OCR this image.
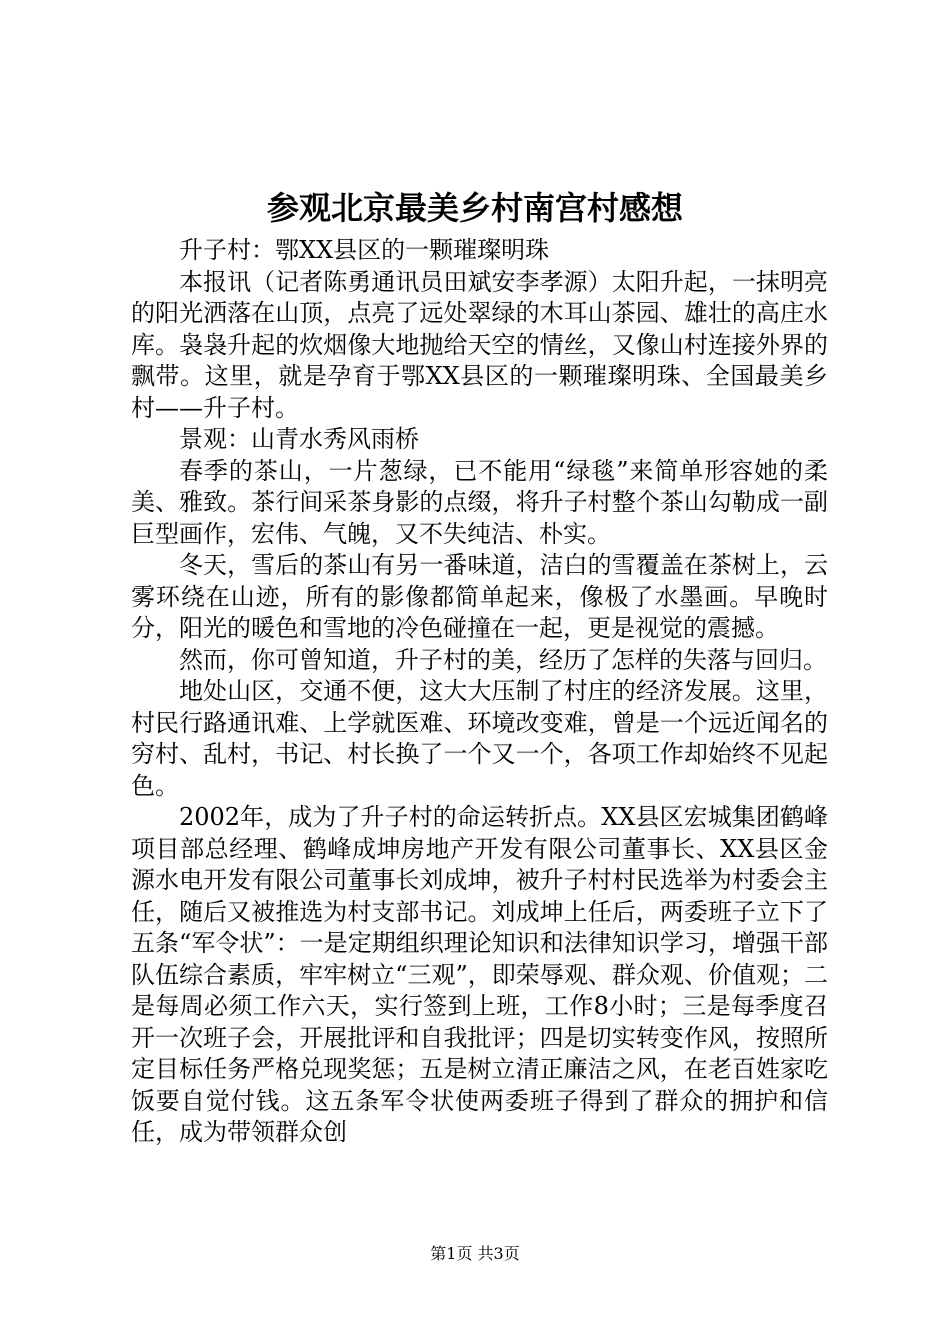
参观北京最美乡村南宫村感想

升子村：鄂XX县区的一颗璀璨明珠

本报讯（记者陈勇通讯员田斌安李孝源）太阳升起，一抹明亮的阳光洒落在山顶，点亮了远处翠绿的木耳山茶园、雄壮的高庄水库。袅袅升起的炊烟像大地抛给天空的情丝，又像山村连接外界的飘带。这里，就是孕育于鄂XX县区的一颗璀璨明珠、全国最美乡村——升子村。

景观：山青水秀风雨桥

春季的茶山，一片葱绿，已不能用“绿毯”来简单形容她的柔美、雅致。茶行间采茶身影的点缀，将升子村整个茶山勾勒成一副巨型画作，宏伟、气魄，又不失纯洁、朴实。

冬天，雪后的茶山有另一番味道，洁白的雪覆盖在茶树上，云雾环绕在山迹，所有的影像都简单起来，像极了水墨画。早晚时分，阳光的暖色和雪地的冷色碰撞在一起，更是视觉的震撼。

然而，你可曾知道，升子村的美，经历了怎样的失落与回归。

地处山区，交通不便，这大大压制了村庄的经济发展。这里，村民行路通讯难、上学就医难、环境改变难，曾是一个远近闻名的穷村、乱村，书记、村长换了一个又一个，各项工作却始终不见起色。

2002年，成为了升子村的命运转折点。XX县区宏城集团鹤峰项目部总经理、鹤峰成坤房地产开发有限公司董事长、XX县区金源水电开发有限公司董事长刘成坤，被升子村村民选举为村委会主任，随后又被推选为村支部书记。刘成坤上任后，两委班子立下了五条“军令状”：一是定期组织理论知识和法律知识学习，增强干部队伍综合素质，牢牢树立“三观”，即荣辱观、群众观、价值观；二是每周必须工作六天，实行签到上班，工作8小时；三是每季度召开一次班子会，开展批评和自我批评；四是切实转变作风，按照所定目标任务严格兑现奖惩；五是树立清正廉洁之风，在老百姓家吃饭要自觉付钱。这五条军令状使两委班子得到了群众的拥护和信任，成为带领群众创

第1页 共3页
